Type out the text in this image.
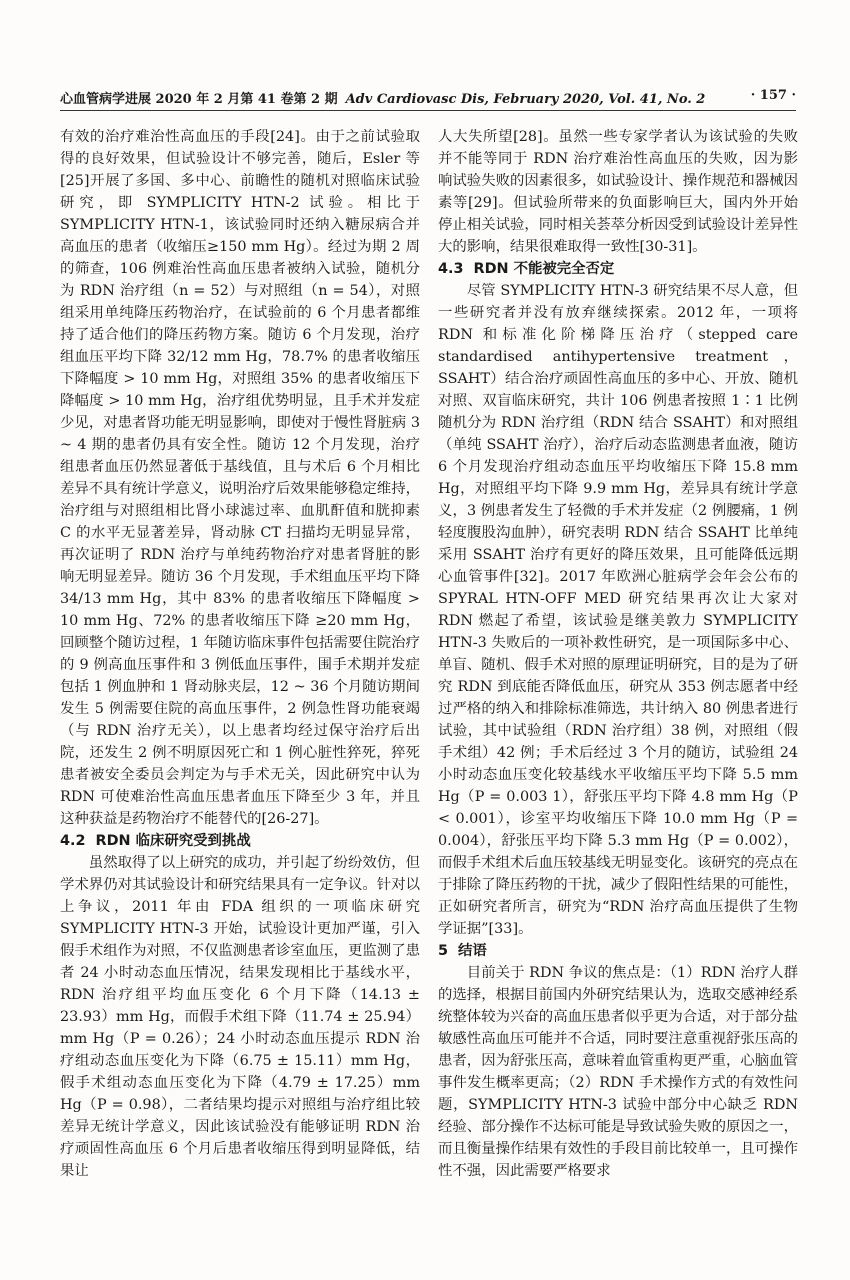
心血管病学进展 2020 年 2 月第 41 卷第 2 期 Adv Cardiovasc Dis, February 2020, Vol. 41, No. 2	· 157 ·

有效的治疗难治性高血压的手段[24]。由于之前试验取得的良好效果，但试验设计不够完善，随后，Esler 等[25]开展了多国、多中心、前瞻性的随机对照临床试验研究，即 SYMPLICITY HTN-2 试验。相比于 SYMPLICITY HTN-1，该试验同时还纳入糖尿病合并高血压的患者（收缩压≥150 mm Hg）。经过为期 2 周的筛查，106 例难治性高血压患者被纳入试验，随机分为 RDN 治疗组（n = 52）与对照组（n = 54），对照组采用单纯降压药物治疗，在试验前的 6 个月患者都维持了适合他们的降压药物方案。随访 6 个月发现，治疗组血压平均下降 32/12 mm Hg，78.7% 的患者收缩压下降幅度 > 10 mm Hg，对照组 35% 的患者收缩压下降幅度 > 10 mm Hg，治疗组优势明显，且手术并发症少见，对患者肾功能无明显影响，即使对于慢性肾脏病 3 ~ 4 期的患者仍具有安全性。随访 12 个月发现，治疗组患者血压仍然显著低于基线值，且与术后 6 个月相比差异不具有统计学意义，说明治疗后效果能够稳定维持，治疗组与对照组相比肾小球滤过率、血肌酐值和胱抑素 C 的水平无显著差异，肾动脉 CT 扫描均无明显异常，再次证明了 RDN 治疗与单纯药物治疗对患者肾脏的影响无明显差异。随访 36 个月发现，手术组血压平均下降 34/13 mm Hg，其中 83% 的患者收缩压下降幅度 > 10 mm Hg、72% 的患者收缩压下降 ≥20 mm Hg，回顾整个随访过程，1 年随访临床事件包括需要住院治疗的 9 例高血压事件和 3 例低血压事件，围手术期并发症包括 1 例血肿和 1 肾动脉夹层，12 ~ 36 个月随访期间发生 5 例需要住院的高血压事件，2 例急性肾功能衰竭（与 RDN 治疗无关），以上患者均经过保守治疗后出院，还发生 2 例不明原因死亡和 1 例心脏性猝死，猝死患者被安全委员会判定为与手术无关，因此研究中认为 RDN 可使难治性高血压患者血压下降至少 3 年，并且这种获益是药物治疗不能替代的[26-27]。

4.2 RDN 临床研究受到挑战

虽然取得了以上研究的成功，并引起了纷纷效仿，但学术界仍对其试验设计和研究结果具有一定争议。针对以上争议，2011 年由 FDA 组织的一项临床研究 SYMPLICITY HTN-3 开始，试验设计更加严谨，引入假手术组作为对照，不仅监测患者诊室血压，更监测了患者 24 小时动态血压情况，结果发现相比于基线水平，RDN 治疗组平均血压变化 6 个月下降（14.13 ± 23.93）mm Hg，而假手术组下降（11.74 ± 25.94）mm Hg（P = 0.26）；24 小时动态血压提示 RDN 治疗组动态血压变化为下降（6.75 ± 15.11）mm Hg，假手术组动态血压变化为下降（4.79 ± 17.25）mm Hg（P = 0.98），二者结果均提示对照组与治疗组比较差异无统计学意义，因此该试验没有能够证明 RDN 治疗顽固性高血压 6 个月后患者收缩压得到明显降低，结果让

人大失所望[28]。虽然一些专家学者认为该试验的失败并不能等同于 RDN 治疗难治性高血压的失败，因为影响试验失败的因素很多，如试验设计、操作规范和器械因素等[29]。但试验所带来的负面影响巨大，国内外开始停止相关试验，同时相关荟萃分析因受到试验设计差异性大的影响，结果很难取得一致性[30-31]。

4.3 RDN 不能被完全否定

尽管 SYMPLICITY HTN-3 研究结果不尽人意，但一些研究者并没有放弃继续探索。2012 年，一项将 RDN 和标准化阶梯降压治疗（stepped care standardised antihypertensive treatment，SSAHT）结合治疗顽固性高血压的多中心、开放、随机对照、双盲临床研究，共计 106 例患者按照 1∶1 比例随机分为 RDN 治疗组（RDN 结合 SSAHT）和对照组（单纯 SSAHT 治疗），治疗后动态监测患者血液，随访 6 个月发现治疗组动态血压平均收缩压下降 15.8 mm Hg，对照组平均下降 9.9 mm Hg，差异具有统计学意义，3 例患者发生了轻微的手术并发症（2 例腰痛，1 例轻度腹股沟血肿），研究表明 RDN 结合 SSAHT 比单纯采用 SSAHT 治疗有更好的降压效果，且可能降低远期心血管事件[32]。2017 年欧洲心脏病学会年会公布的 SPYRAL HTN-OFF MED 研究结果再次让大家对 RDN 燃起了希望，该试验是继美敦力 SYMPLICITY HTN-3 失败后的一项补救性研究，是一项国际多中心、单盲、随机、假手术对照的原理证明研究，目的是为了研究 RDN 到底能否降低血压，研究从 353 例志愿者中经过严格的纳入和排除标准筛选，共计纳入 80 例患者进行试验，其中试验组（RDN 治疗组）38 例，对照组（假手术组）42 例；手术后经过 3 个月的随访，试验组 24 小时动态血压变化较基线水平收缩压平均下降 5.5 mm Hg（P = 0.003 1），舒张压平均下降 4.8 mm Hg（P < 0.001），诊室平均收缩压下降 10.0 mm Hg（P = 0.004），舒张压平均下降 5.3 mm Hg（P = 0.002），而假手术组术后血压较基线无明显变化。该研究的亮点在于排除了降压药物的干扰，减少了假阳性结果的可能性，正如研究者所言，研究为“RDN 治疗高血压提供了生物学证据”[33]。

5 结语

目前关于 RDN 争议的焦点是：（1）RDN 治疗人群的选择，根据目前国内外研究结果认为，选取交感神经系统整体较为兴奋的高血压患者似乎更为合适，对于部分盐敏感性高血压可能并不合适，同时要注意重视舒张压高的患者，因为舒张压高，意味着血管重构更严重，心脑血管事件发生概率更高；（2）RDN 手术操作方式的有效性问题，SYMPLICITY HTN-3 试验中部分中心缺乏 RDN 经验、部分操作不达标可能是导致试验失败的原因之一，而且衡量操作结果有效性的手段目前比较单一，且可操作性不强，因此需要严格要求
